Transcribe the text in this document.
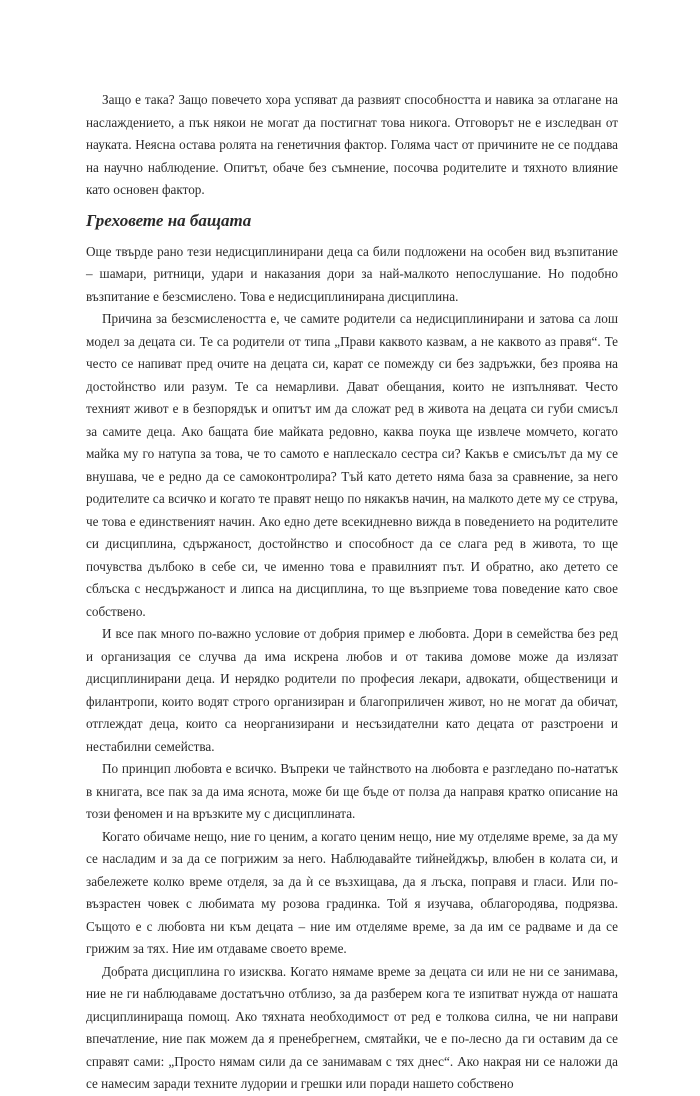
Защо е така? Защо повечето хора успяват да развият способността и навика за отлагане на наслаждението, а пък някои не могат да постигнат това никога. Отговорът не е изследван от науката. Неясна остава ролята на генетичния фактор. Голяма част от причините не се поддава на научно наблюдение. Опитът, обаче без съмнение, посочва родителите и тяхното влияние като основен фактор.

Греховете на бащата

Още твърде рано тези недисциплинирани деца са били подложени на особен вид възпитание – шамари, ритници, удари и наказания дори за най-малкото непослушание. Но подобно възпитание е безсмислено. Това е недисциплинирана дисциплина.

Причина за безсмислеността е, че самите родители са недисциплинирани и затова са лош модел за децата си. Те са родители от типа „Прави каквото казвам, а не каквото аз правя“. Те често се напиват пред очите на децата си, карат се помежду си без задръжки, без проява на достойнство или разум. Те са немарливи. Дават обещания, които не изпълняват. Често техният живот е в безпорядък и опитът им да сложат ред в живота на децата си губи смисъл за самите деца. Ако бащата бие майката редовно, каква поука ще извлече момчето, когато майка му го натупа за това, че то самото е наплескало сестра си? Какъв е смисълът да му се внушава, че е редно да се самоконтролира? Тъй като детето няма база за сравнение, за него родителите са всичко и когато те правят нещо по някакъв начин, на малкото дете му се струва, че това е единственият начин. Ако едно дете всекидневно вижда в поведението на родителите си дисциплина, сдържаност, достойнство и способност да се слага ред в живота, то ще почувства дълбоко в себе си, че именно това е правилният път. И обратно, ако детето се сблъска с несдържаност и липса на дисциплина, то ще възприеме това поведение като свое собствено.

И все пак много по-важно условие от добрия пример е любовта. Дори в семейства без ред и организация се случва да има искрена любов и от такива домове може да излязат дисциплинирани деца. И нерядко родители по професия лекари, адвокати, общественици и филантропи, които водят строго организиран и благоприличен живот, но не могат да обичат, отглеждат деца, които са неорганизирани и несъзидателни като децата от разстроени и нестабилни семейства.

По принцип любовта е всичко. Въпреки че тайнството на любовта е разгледано по-нататък в книгата, все пак за да има яснота, може би ще бъде от полза да направя кратко описание на този феномен и на връзките му с дисциплината.

Когато обичаме нещо, ние го ценим, а когато ценим нещо, ние му отделяме време, за да му се насладим и за да се погрижим за него. Наблюдавайте тийнейджър, влюбен в колата си, и забележете колко време отделя, за да ѝ се възхищава, да я лъска, поправя и гласи. Или по-възрастен човек с любимата му розова градинка. Той я изучава, облагородява, подрязва. Същото е с любовта ни към децата – ние им отделяме време, за да им се радваме и да се грижим за тях. Ние им отдаваме своето време.

Добрата дисциплина го изисква. Когато нямаме време за децата си или не ни се занимава, ние не ги наблюдаваме достатъчно отблизо, за да разберем кога те изпитват нужда от нашата дисциплинираща помощ. Ако тяхната необходимост от ред е толкова силна, че ни направи впечатление, ние пак можем да я пренебрегнем, смятайки, че е по-лесно да ги оставим да се справят сами: „Просто нямам сили да се занимавам с тях днес“. Ако накрая ни се наложи да се намесим заради техните лудории и грешки или поради нашето собствено
